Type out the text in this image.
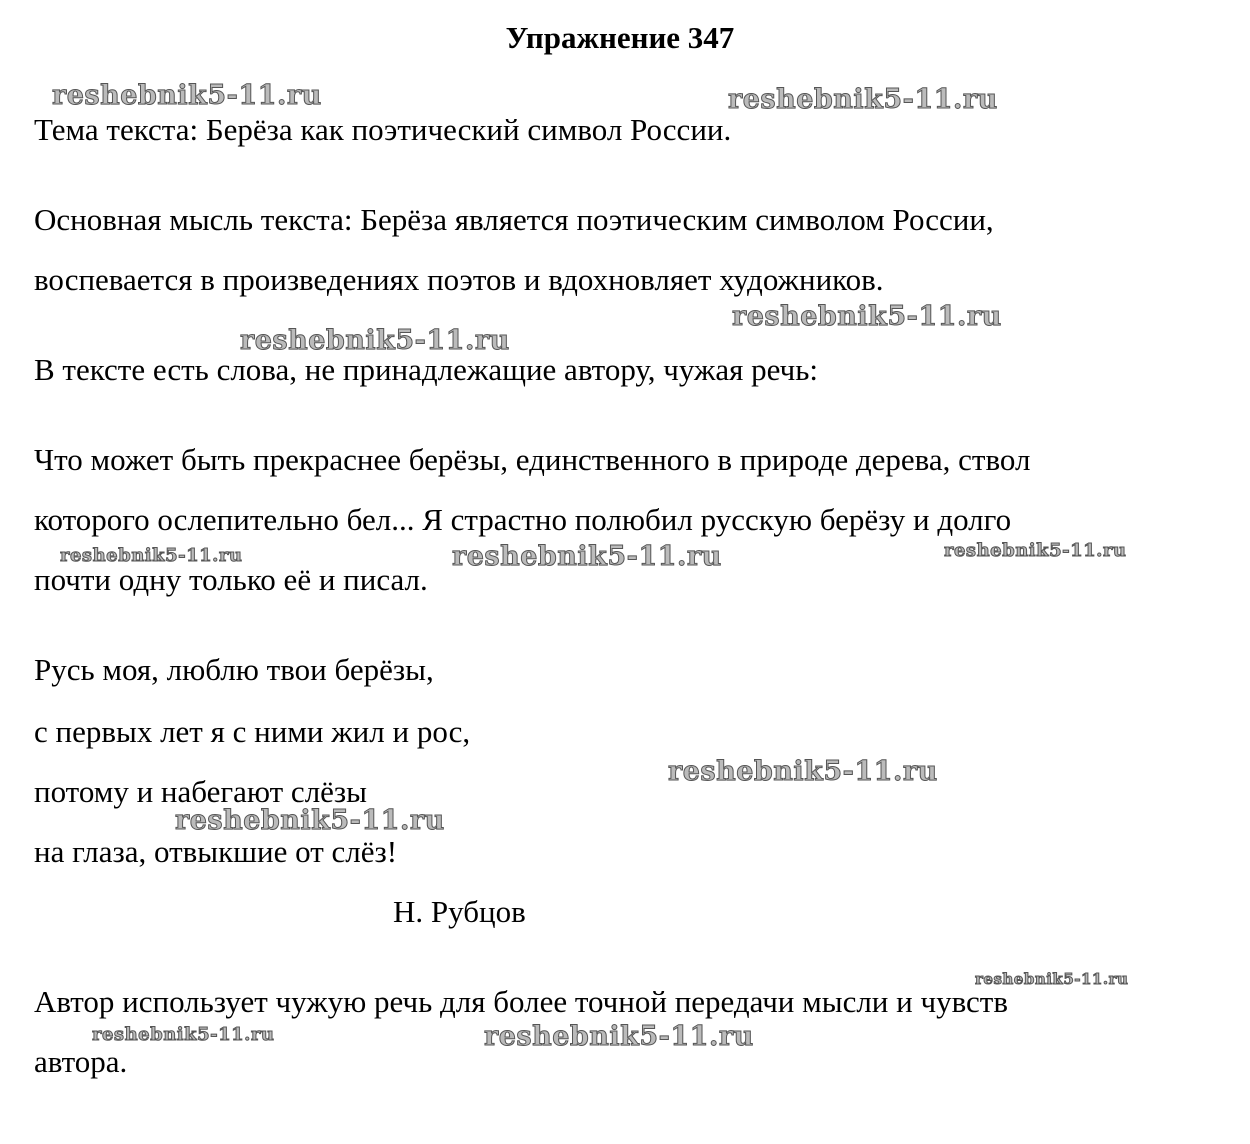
Упражнение 347
Тема текста: Берёза как поэтический символ России.
Основная мысль текста: Берёза является поэтическим символом России,
воспевается в произведениях поэтов и вдохновляет художников.
В тексте есть слова, не принадлежащие автору, чужая речь:
Что может быть прекраснее берёзы, единственного в природе дерева, ствол
которого ослепительно бел... Я страстно полюбил русскую берёзу и долго
почти одну только её и писал.
Русь моя, люблю твои берёзы,
с первых лет я с ними жил и рос,
потому и набегают слёзы
на глаза, отвыкшие от слёз!
Н. Рубцов
Автор использует чужую речь для более точной передачи мысли и чувств
автора.
reshebnik5-11.ru	reshebnik5-11.ru
reshebnik5-11.ru
reshebnik5-11.ru
reshebnik5-11.ru	reshebnik5-11.ru	reshebnik5-11.ru
reshebnik5-11.ru
reshebnik5-11.ru
reshebnik5-11.ru
reshebnik5-11.ru	reshebnik5-11.ru
